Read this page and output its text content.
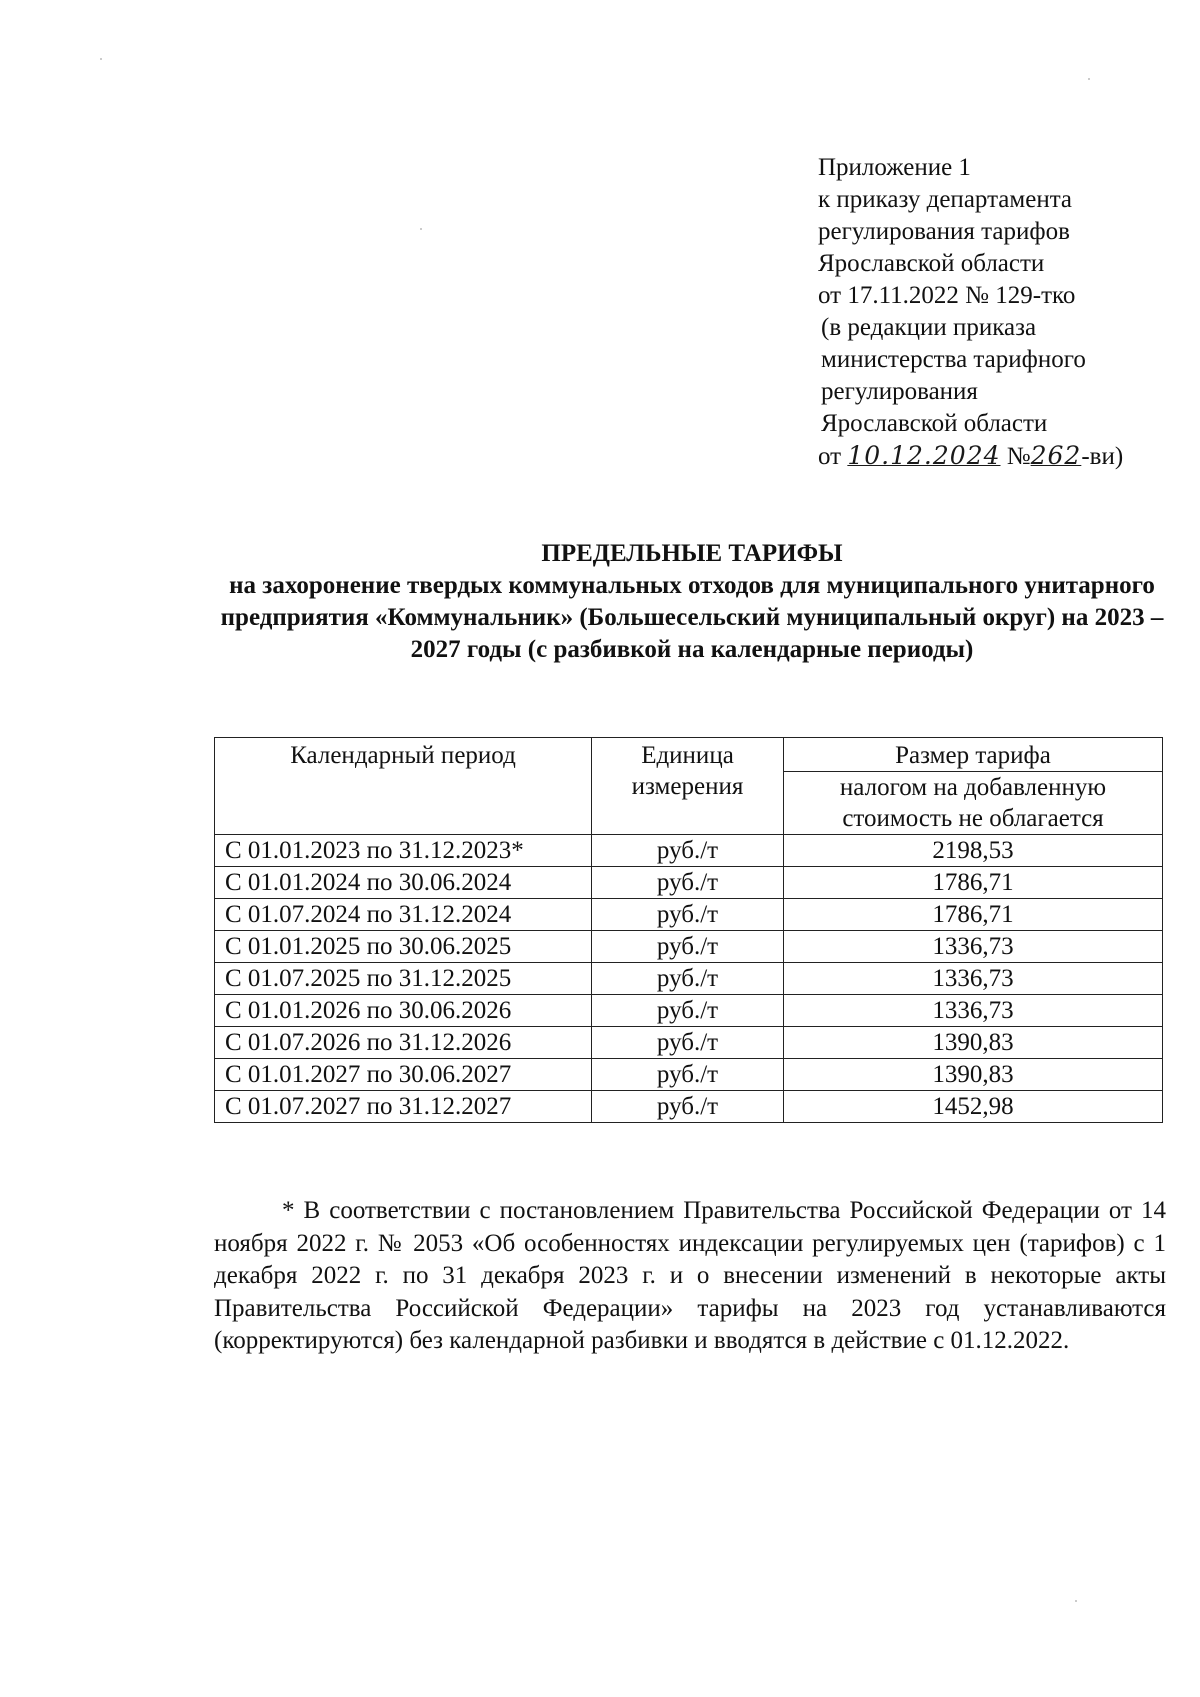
Приложение 1
к приказу департамента
регулирования тарифов
Ярославской области
от 17.11.2022 № 129-тко
(в редакции приказа
министерства тарифного
регулирования
Ярославской области
от 10.12.2024 №262-ви)
ПРЕДЕЛЬНЫЕ ТАРИФЫ
на захоронение твердых коммунальных отходов для муниципального унитарного предприятия «Коммунальник» (Большесельский муниципальный округ) на 2023 – 2027 годы (с разбивкой на календарные периоды)
Календарный период	Единица измерения	Размер тарифа
		налогом на добавленную стоимость не облагается
С 01.01.2023 по 31.12.2023*	руб./т	2198,53
С 01.01.2024 по 30.06.2024	руб./т	1786,71
С 01.07.2024 по 31.12.2024	руб./т	1786,71
С 01.01.2025 по 30.06.2025	руб./т	1336,73
С 01.07.2025 по 31.12.2025	руб./т	1336,73
С 01.01.2026 по 30.06.2026	руб./т	1336,73
С 01.07.2026 по 31.12.2026	руб./т	1390,83
С 01.01.2027 по 30.06.2027	руб./т	1390,83
С 01.07.2027 по 31.12.2027	руб./т	1452,98

* В соответствии с постановлением Правительства Российской Федерации от 14 ноября 2022 г. № 2053 «Об особенностях индексации регулируемых цен (тарифов) с 1 декабря 2022 г. по 31 декабря 2023 г. и о внесении изменений в некоторые акты Правительства Российской Федерации» тарифы на 2023 год устанавливаются (корректируются) без календарной разбивки и вводятся в действие с 01.12.2022.
